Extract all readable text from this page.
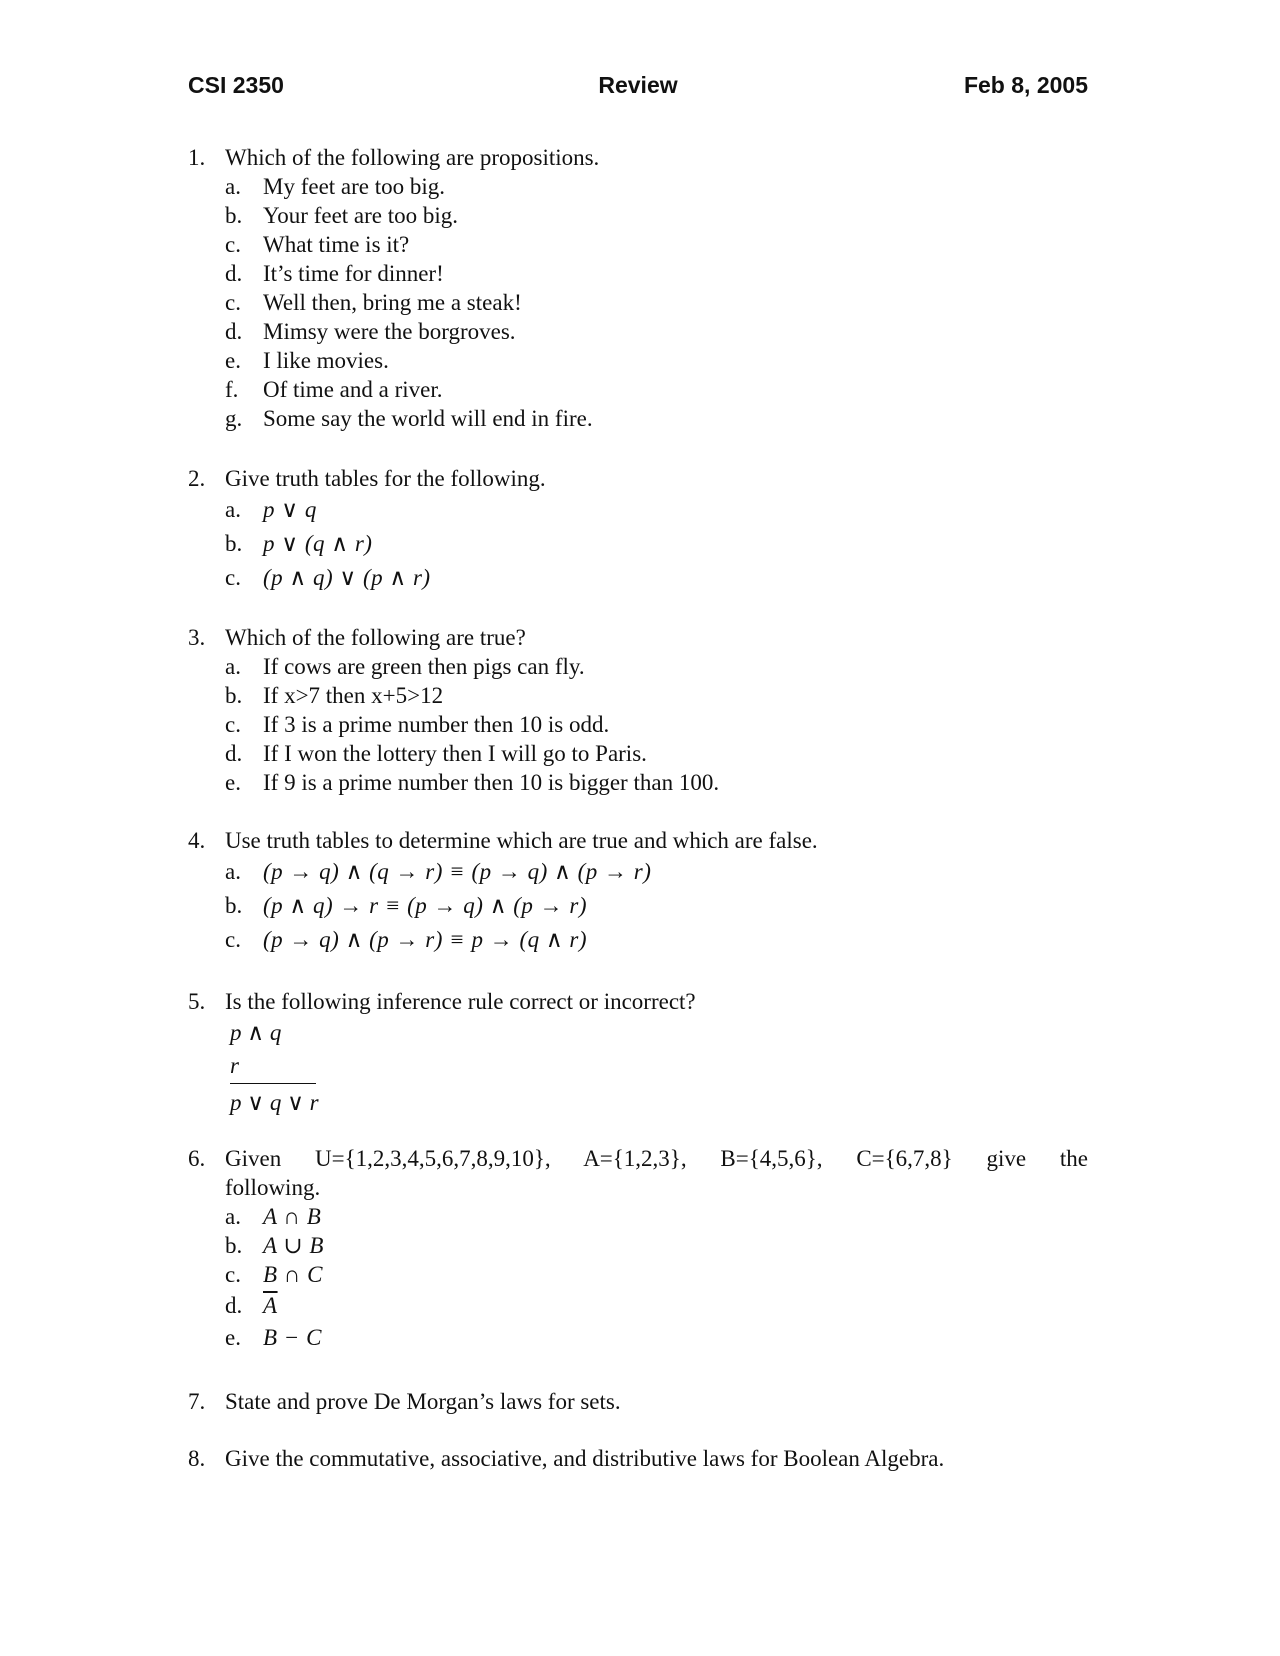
CSI 2350	Review	Feb 8, 2005
1. Which of the following are propositions.
a. My feet are too big.
b. Your feet are too big.
c. What time is it?
d. It’s time for dinner!
c. Well then, bring me a steak!
d. Mimsy were the borgroves.
e. I like movies.
f. Of time and a river.
g. Some say the world will end in fire.
2. Give truth tables for the following.
a. p ∨ q
b. p ∨ (q ∧ r)
c. (p ∧ q) ∨ (p ∧ r)
3. Which of the following are true?
a. If cows are green then pigs can fly.
b. If x>7 then x+5>12
c. If 3 is a prime number then 10 is odd.
d. If I won the lottery then I will go to Paris.
e. If 9 is a prime number then 10 is bigger than 100.
4. Use truth tables to determine which are true and which are false.
a. (p → q) ∧ (q → r) ≡ (p → q) ∧ (p → r)
b. (p ∧ q) → r ≡ (p → q) ∧ (p → r)
c. (p → q) ∧ (p → r) ≡ p → (q ∧ r)
5. Is the following inference rule correct or incorrect?
p ∧ q
r
p ∨ q ∨ r
6. Given U={1,2,3,4,5,6,7,8,9,10}, A={1,2,3}, B={4,5,6}, C={6,7,8} give the
following.
a. A ∩ B
b. A ∪ B
c. B ∩ C
d. $\overline{A}$
e. B − C
7. State and prove De Morgan’s laws for sets.
8. Give the commutative, associative, and distributive laws for Boolean Algebra.
